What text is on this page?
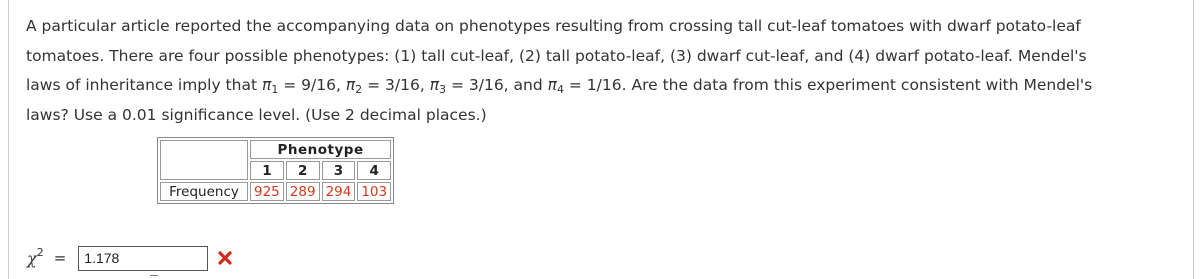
A particular article reported the accompanying data on phenotypes resulting from crossing tall cut-leaf tomatoes with dwarf potato-leaf
tomatoes. There are four possible phenotypes: (1) tall cut-leaf, (2) tall potato-leaf, (3) dwarf cut-leaf, and (4) dwarf potato-leaf. Mendel's
laws of inheritance imply that $\pi_1 = 9/16$, $\pi_2 = 3/16$, $\pi_3 = 3/16$, and $\pi_4 = 1/16$. Are the data from this experiment consistent with Mendel's
laws? Use a 0.01 significance level. (Use 2 decimal places.)
	Phenotype			
	1	2	3	4
Frequency	925	289	294	103
$\chi^2$ =	1.178
